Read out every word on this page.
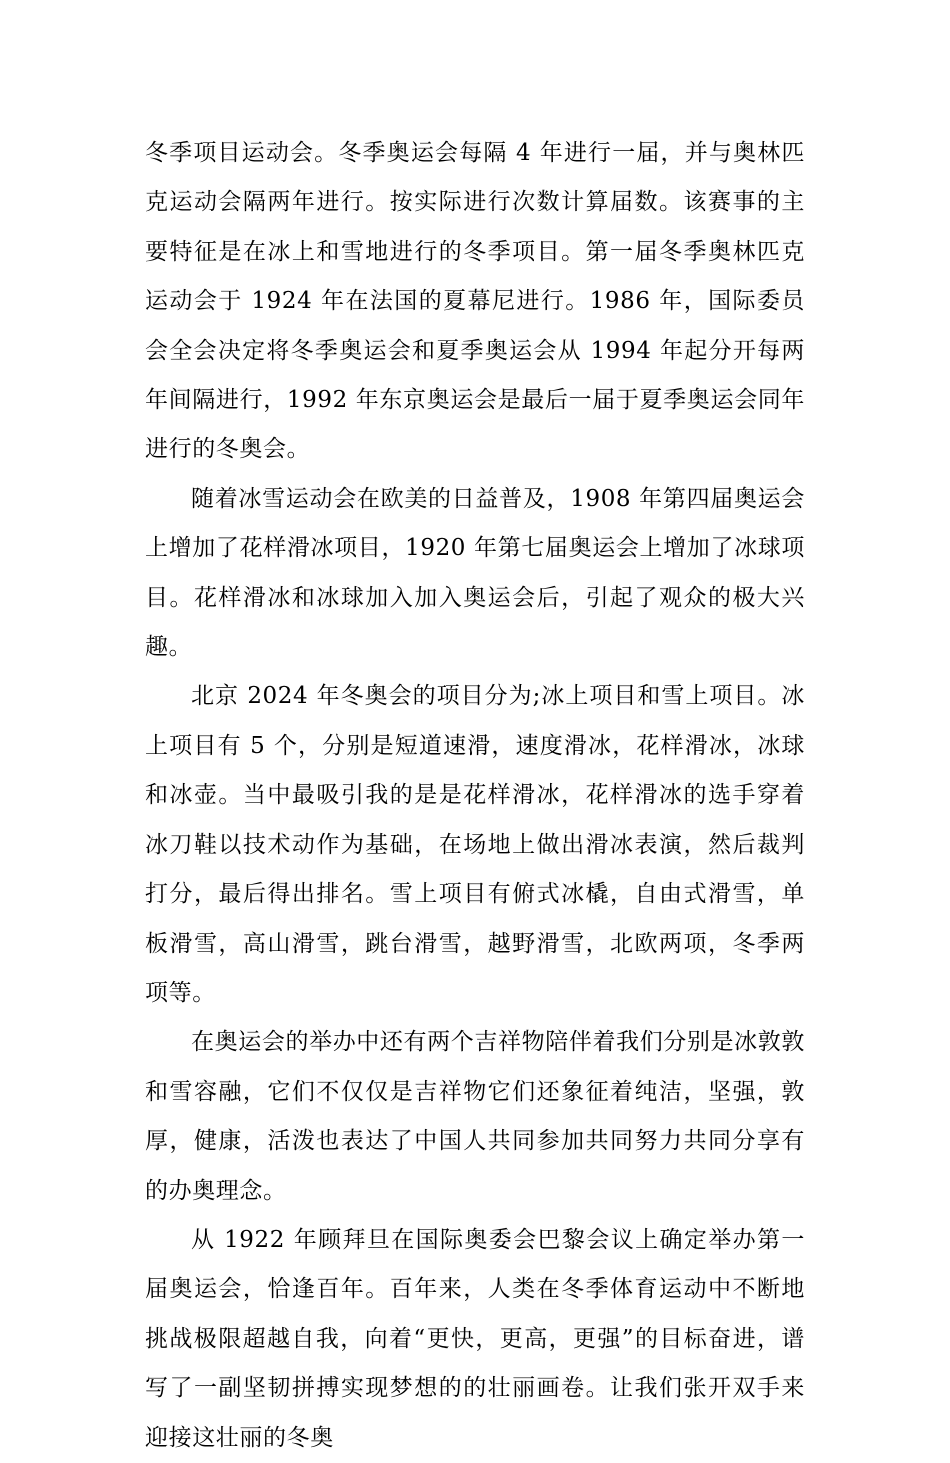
冬季项目运动会。冬季奥运会每隔 4 年进行一届，并与奥林匹克运动会隔两年进行。按实际进行次数计算届数。该赛事的主要特征是在冰上和雪地进行的冬季项目。第一届冬季奥林匹克运动会于 1924 年在法国的夏幕尼进行。1986 年，国际委员会全会决定将冬季奥运会和夏季奥运会从 1994 年起分开每两年间隔进行，1992 年东京奥运会是最后一届于夏季奥运会同年进行的冬奥会。

随着冰雪运动会在欧美的日益普及，1908 年第四届奥运会上增加了花样滑冰项目，1920 年第七届奥运会上增加了冰球项目。花样滑冰和冰球加入加入奥运会后，引起了观众的极大兴趣。

北京 2024 年冬奥会的项目分为;冰上项目和雪上项目。冰上项目有 5 个，分别是短道速滑，速度滑冰，花样滑冰，冰球和冰壶。当中最吸引我的是是花样滑冰，花样滑冰的选手穿着冰刀鞋以技术动作为基础，在场地上做出滑冰表演，然后裁判打分，最后得出排名。雪上项目有俯式冰橇，自由式滑雪，单板滑雪，高山滑雪，跳台滑雪，越野滑雪，北欧两项，冬季两项等。

在奥运会的举办中还有两个吉祥物陪伴着我们分别是冰敦敦和雪容融，它们不仅仅是吉祥物它们还象征着纯洁，坚强，敦厚，健康，活泼也表达了中国人共同参加共同努力共同分享有的办奥理念。

从 1922 年顾拜旦在国际奥委会巴黎会议上确定举办第一届奥运会，恰逢百年。百年来，人类在冬季体育运动中不断地挑战极限超越自我，向着“更快，更高，更强”的目标奋进，谱写了一副坚韧拼搏实现梦想的的壮丽画卷。让我们张开双手来迎接这壮丽的冬奥
